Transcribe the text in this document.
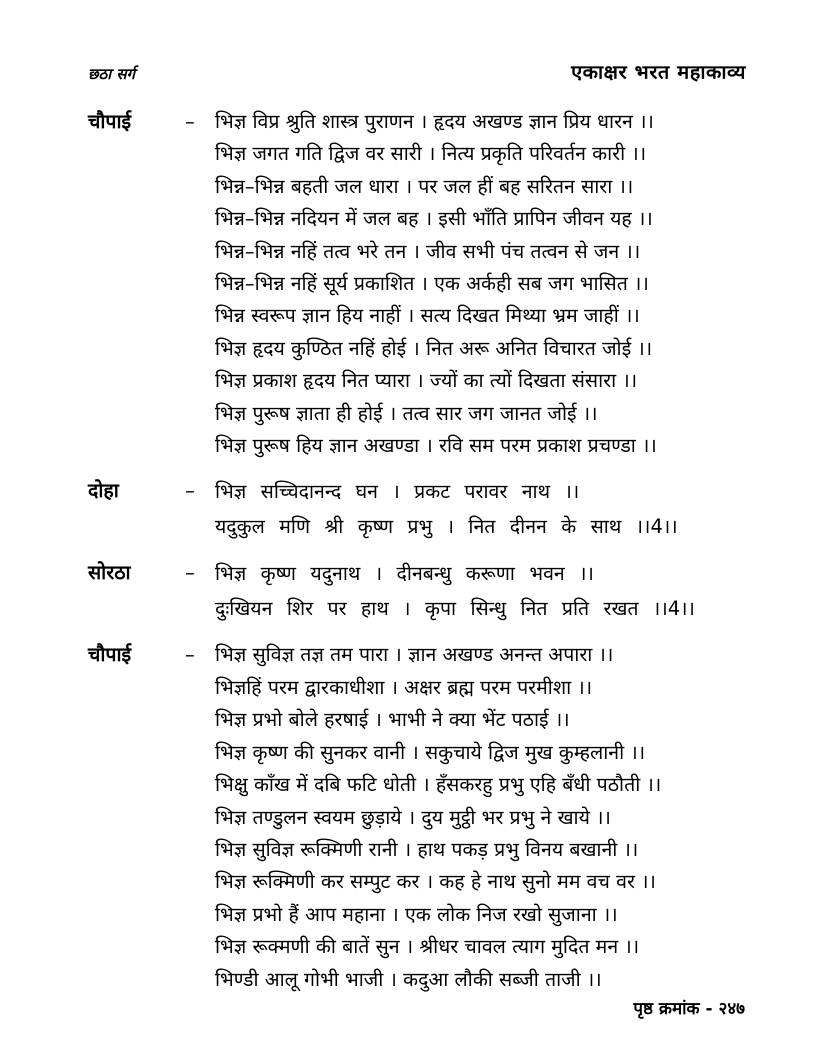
छठा सर्ग	एकाक्षर भरत महाकाव्य
चौपाई	–	भिज्ञ विप्र श्रुति शास्त्र पुराणन । हृदय अखण्ड ज्ञान प्रिय धारन ।।
भिज्ञ जगत गति द्विज वर सारी । नित्य प्रकृति परिवर्तन कारी ।।
भिन्न–भिन्न बहती जल धारा । पर जल हीं बह सरितन सारा ।।
भिन्न–भिन्न नदियन में जल बह । इसी भाँति प्रापिन जीवन यह ।।
भिन्न–भिन्न नहिं तत्व भरे तन । जीव सभी पंच तत्वन से जन ।।
भिन्न–भिन्न नहिं सूर्य प्रकाशित । एक अर्कही सब जग भासित ।।
भिन्न स्वरूप ज्ञान हिय नाहीं । सत्य दिखत मिथ्या भ्रम जाहीं ।।
भिज्ञ हृदय कुण्ठित नहिं होई । नित अरू अनित विचारत जोई ।।
भिज्ञ प्रकाश हृदय नित प्यारा । ज्यों का त्यों दिखता संसारा ।।
भिज्ञ पुरूष ज्ञाता ही होई । तत्व सार जग जानत जोई ।।
भिज्ञ पुरूष हिय ज्ञान अखण्डा । रवि सम परम प्रकाश प्रचण्डा ।।
दोहा	–	भिज्ञ सच्चिदानन्द घन । प्रकट परावर नाथ ।।
यदुकुल मणि श्री कृष्ण प्रभु । नित दीनन के साथ ।।4।।
सोरठा	–	भिज्ञ कृष्ण यदुनाथ । दीनबन्धु करूणा भवन ।।
दुःखियन शिर पर हाथ । कृपा सिन्धु नित प्रति रखत ।।4।।
चौपाई	–	भिज्ञ सुविज्ञ तज्ञ तम पारा । ज्ञान अखण्ड अनन्त अपारा ।।
भिज्ञहिं परम द्वारकाधीशा । अक्षर ब्रह्म परम परमीशा ।।
भिज्ञ प्रभो बोले हरषाई । भाभी ने क्या भेंट पठाई ।।
भिज्ञ कृष्ण की सुनकर वानी । सकुचाये द्विज मुख कुम्हलानी ।।
भिक्षु काँख में दबि फटि धोती । हँसकरहु प्रभु एहि बँधी पठौती ।।
भिज्ञ तण्डुलन स्वयम छुड़ाये । दुय मुट्ठी भर प्रभु ने खाये ।।
भिज्ञ सुविज्ञ रूक्मिणी रानी । हाथ पकड़ प्रभु विनय बखानी ।।
भिज्ञ रूक्मिणी कर सम्पुट कर । कह हे नाथ सुनो मम वच वर ।।
भिज्ञ प्रभो हैं आप महाना । एक लोक निज रखो सुजाना ।।
भिज्ञ रूक्मणी की बातें सुन । श्रीधर चावल त्याग मुदित मन ।।
भिण्डी आलू गोभी भाजी । कदुआ लौकी सब्जी ताजी ।।
पृष्ठ क्रमांक - २४७
